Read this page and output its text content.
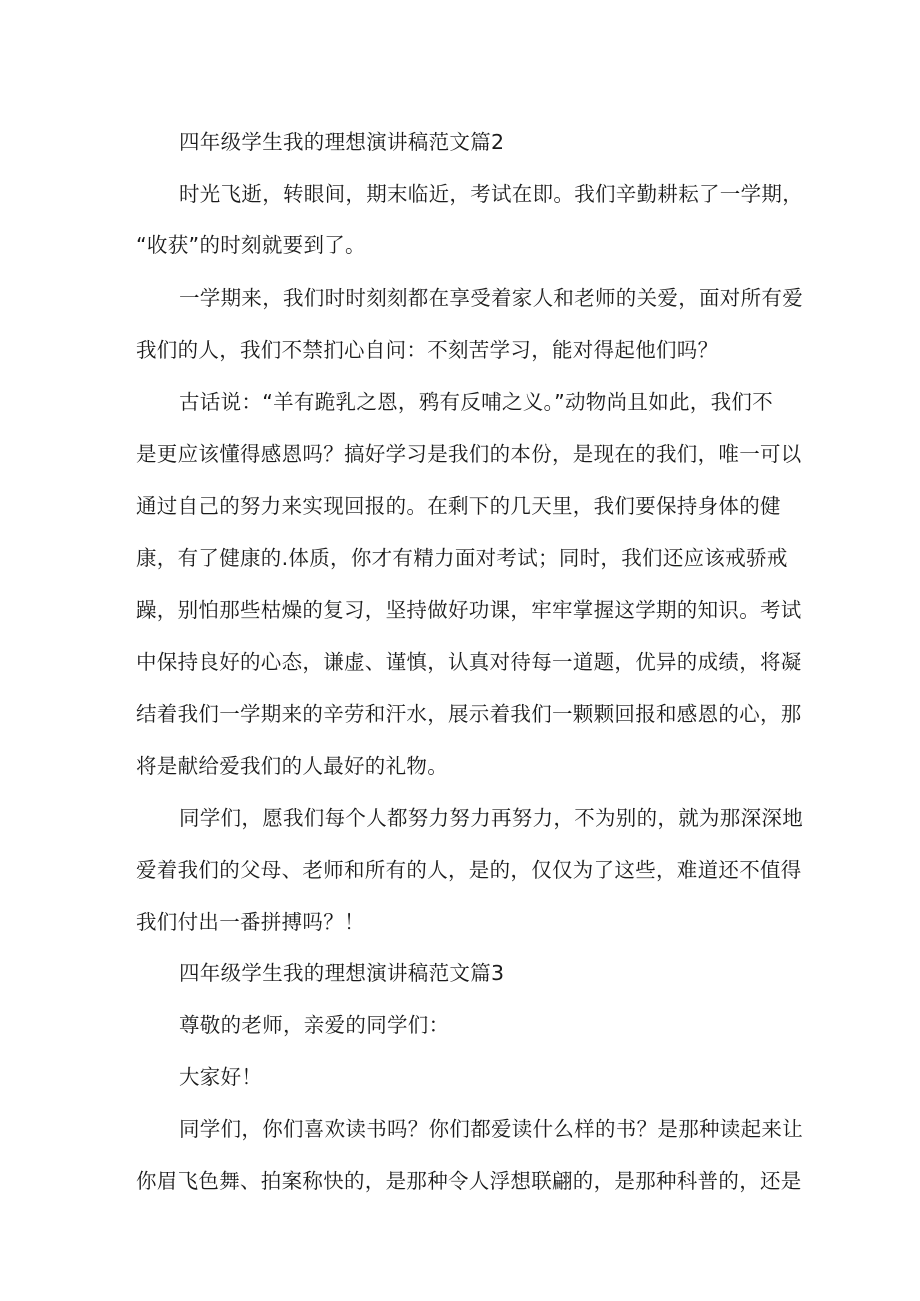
四年级学生我的理想演讲稿范文篇2

时光飞逝，转眼间，期末临近，考试在即。我们辛勤耕耘了一学期，

“收获”的时刻就要到了。

一学期来，我们时时刻刻都在享受着家人和老师的关爱，面对所有爱

我们的人，我们不禁扪心自问：不刻苦学习，能对得起他们吗？

古话说：“羊有跪乳之恩，鸦有反哺之义。”动物尚且如此，我们不

是更应该懂得感恩吗？搞好学习是我们的本份，是现在的我们，唯一可以

通过自己的努力来实现回报的。在剩下的几天里，我们要保持身体的健

康，有了健康的.体质，你才有精力面对考试；同时，我们还应该戒骄戒

躁，别怕那些枯燥的复习，坚持做好功课，牢牢掌握这学期的知识。考试

中保持良好的心态，谦虚、谨慎，认真对待每一道题，优异的成绩，将凝

结着我们一学期来的辛劳和汗水，展示着我们一颗颗回报和感恩的心，那

将是献给爱我们的人最好的礼物。

同学们，愿我们每个人都努力努力再努力，不为别的，就为那深深地

爱着我们的父母、老师和所有的人，是的，仅仅为了这些，难道还不值得

我们付出一番拼搏吗？！

四年级学生我的理想演讲稿范文篇3

尊敬的老师，亲爱的同学们：

大家好！

同学们，你们喜欢读书吗？你们都爱读什么样的书？是那种读起来让

你眉飞色舞、拍案称快的，是那种令人浮想联翩的，是那种科普的，还是
